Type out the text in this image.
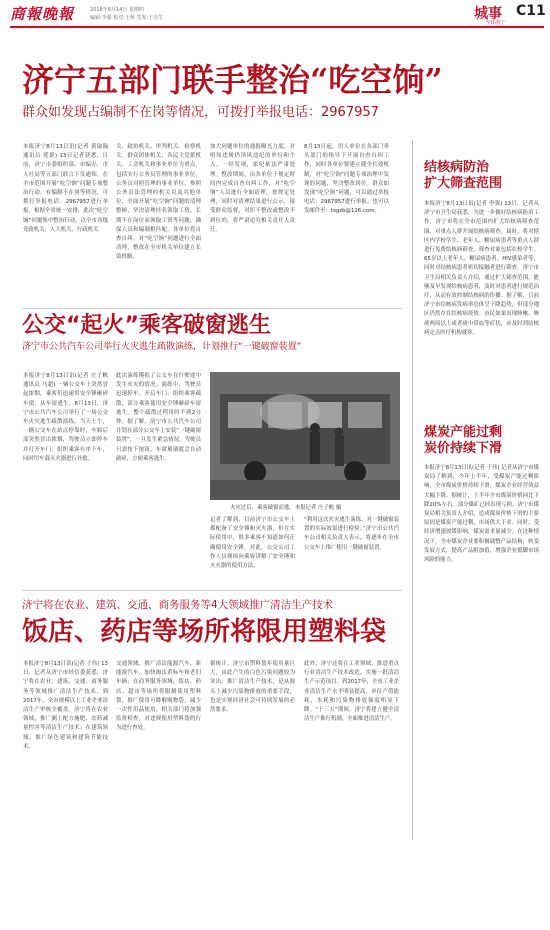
商報晚報	2018年8月14日 星期四
编辑:李强 校对:王辉 签发:王亮生	城事 C11
今日南宁
济宁五部门联手整治“吃空饷”
群众如发现占编制不在岗等情况，可拨打举报电话：2967957
本报济宁8月13日讯(记者 黄瑜翰 通讯员 莲群) 13日记者获悉，日前，济宁市委组织部、市编办、市人社局等五部门联合下发通知，在全市范围开展“吃空饷”问题专项整治行动，有编制不在岗等情况，可拨打举报电话：2967957进行举报。根据全省统一安排，此次“吃空饷”问题集中整治行动，以全市各级党政机关、人大机关、行政机关
关、政协机关、审判机关、检察机关、群众团体机关、各民主党派机关、工会机关和事业单位为重点，包括实行公务员管理的事业单位，公务员对照管理的事业单位，参照公务员法管理的机关以及其他单位，全面开展“吃空饷”问题的清理整顿，坚决清理挂名领取工资、长期不在岗位而领取工资等问题，确保人员和编制相匹配。各单位将自查自纠，对“吃空饷”问题进行全面清理，整改在全市机关单位建立长效机制。
加大问题单位的通报曝光力度，对明知违规仍顶风违纪的单位和个人，一经发现，依纪依法严肃处理。整改期间，由各单位于规定时间内完成自查自纠工作，对“吃空饷”人员进行全面清理，按规定处理，同时对清理结果进行公示，接受群众监督，对拒不整改或整改不到位的，将严肃追究相关责任人责任。
8月13日起，用人单位在各部门牵头部门的指导下开展自查自纠工作，同时各单位要建立健全长效机制，对“吃空饷”问题专项治理中发现的问题，坚决整改到位。群众如发现“吃空饷”问题，可以通过举报电话：2967957进行举报，也可以发邮件至：tsgzb@126.com。
结核病防治
扩大筛查范围
本报济宁8月13日讯(记者 李强) 13日，记者从济宁市卫生局获悉，为进一步做好结核病防治工作，济宁市将在全市范围内扩大结核病筛查范围，对重点人群开展结核病筛查。届时，将对辖区内学校学生、老年人、糖尿病患者等重点人群进行免费结核病筛查。筛查对象包括在校学生、65岁以上老年人、糖尿病患者、HIV感染者等，同时对结核病患者密切接触者进行筛查。济宁市卫生局相关负责人介绍，通过扩大筛查范围，能够及早发现结核病患者，及时对患者进行规范治疗，从而有效控制结核病的传播。据了解，目前济宁市结核病发病率总体呈下降趋势，但部分地区仍然存在结核病疫情。市民如果出现咳嗽、咳痰两周以上或者痰中带血等症状，应及时到结核病定点医疗机构就诊。
煤炭产能过剩
炭价持续下滑
本报济宁8月13日讯(记者 于伟) 记者从济宁市煤炭局了解到，今年上半年，受煤炭产能过剩影响，全市煤炭价格持续下滑，煤炭企业经营效益大幅下降。据统计，上半年全市煤炭价格同比下降20%左右，部分煤矿已经出现亏损。济宁市煤炭局相关负责人介绍，造成煤炭价格下滑的主要原因是煤炭产能过剩，市场供大于求。同时，受经济增速放缓影响，煤炭需求量减少。在这种情况下，全市煤炭企业要积极调整产品结构，转变发展方式，提高产品附加值，增强企业抵御市场风险的能力。
公交“起火”乘客破窗逃生
济宁市公共汽车公司举行火灾逃生疏散演练，计划推行“一键破窗装置”
本报济宁8月13日讯(记者 庄子帆 通讯员 马超) 一辆公交车上突然冒起浓烟，乘客们迅速用安全锤砸碎车窗，从车窗逃生。8月13日，济宁市公共汽车公司举行了一场公交车火灾逃生疏散演练。当天上午，一辆公交车在站点停靠时，车厢后部突然冒出浓烟，驾驶员立即停车并打开车门，组织乘客有序下车，同时用车载灭火器进行扑救。
此次演练模拟了公交车在行驶途中发生火灾的情况。演练中，驾驶员迅速停车、开启车门、组织乘客疏散，部分乘客使用安全锤砸碎车窗逃生。整个疏散过程用时不到2分钟。据了解，济宁市公共汽车公司计划在部分公交车上安装“一键破窗装置”，一旦发生紧急情况，驾驶员只需按下按钮，车窗玻璃就会自动破碎，方便乘客逃生。
火灾过后，乘客破窗而逃。本报记者 庄子帆 摄
记者了解到，目前济宁市公交车上都配备了安全锤和灭火器，但在实际使用中，很多乘客不知道如何正确使用安全锤。对此，公交公司工作人员现场向乘客讲解了安全锤和灭火器的使用方法。
“利用这次火灾逃生演练，对一键破窗装置的实际效果进行检验。”济宁市公共汽车公司相关负责人表示，将逐步在全市公交车上推广使用一键破窗装置。
济宁将在农业、建筑、交通、商务服务等4大领域推广清洁生产技术
饭店、药店等场所将限用塑料袋
本报济宁8月13日讯(记者 于伟) 13日，记者从济宁市经信委获悉，济宁将在农业、建筑、交通、商务服务等领域推广清洁生产技术。到2017年，全市规模以上工业企业清洁生产审核全覆盖。济宁将在农业领域，推广测土配方施肥、农药减量控害等清洁生产技术；在建筑领域，推广绿色建筑和建筑节能技术。
交通领域，推广清洁能源汽车、新能源汽车，加快淘汰黄标车和老旧车辆；在商务服务领域，饭店、药店、超市等场所将限制使用塑料袋，推广使用可降解购物袋，减少一次性用品使用。相关部门将加强监督检查，对违规使用塑料袋的行为进行查处。
据统计，济宁市塑料袋年使用量巨大，由此产生的白色污染问题较为突出。推广清洁生产技术，是从源头上减少污染物排放的重要手段，也是实现经济社会可持续发展的必然要求。
此外，济宁还将在工业领域，推进重点行业清洁生产技术改造，实施一批清洁生产示范项目。到2017年，全市工业企业清洁生产水平明显提高，单位产值能耗、水耗和污染物排放强度明显下降。“十三五”期间，济宁将建立健全清洁生产推行机制，全面推进清洁生产。
